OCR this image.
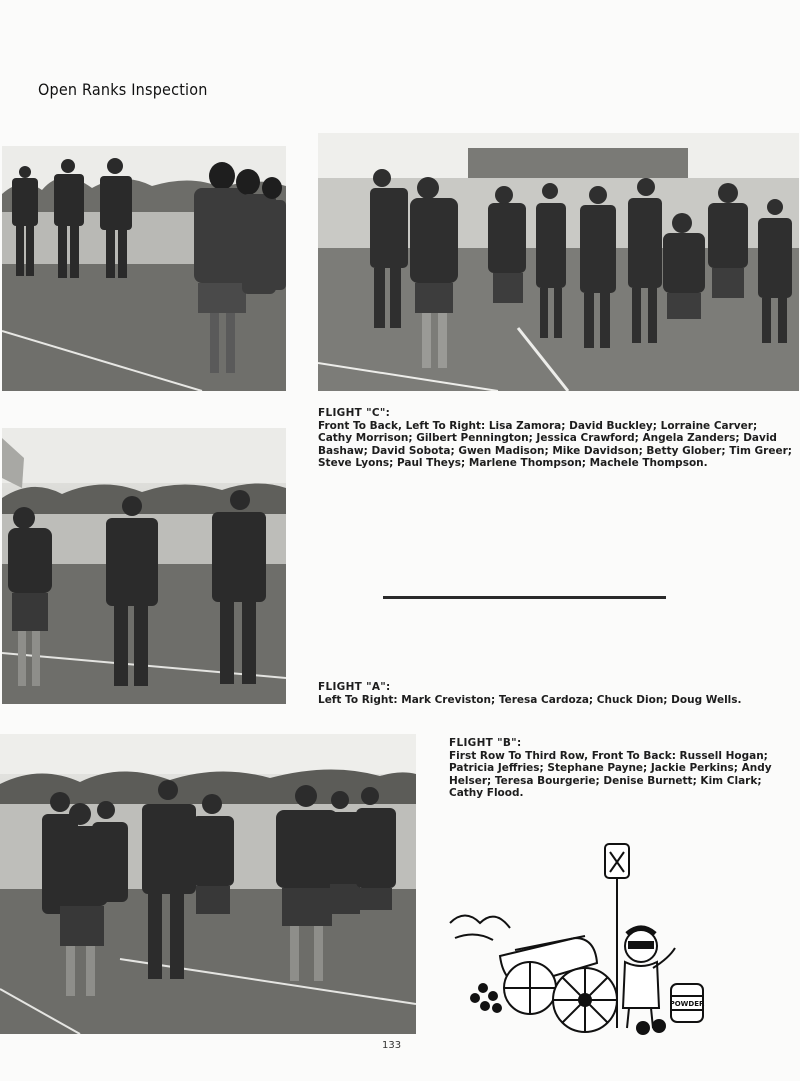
Open Ranks Inspection
FLIGHT "C":
Front To Back, Left To Right: Lisa Zamora; David Buckley; Lorraine Carver; Cathy Morrison; Gilbert Pennington; Jessica Crawford; Angela Zanders; David Bashaw; David Sobota; Gwen Madison; Mike Davidson; Betty Glober; Tim Greer; Steve Lyons; Paul Theys; Marlene Thompson; Machele Thompson.
FLIGHT "A":
Left To Right: Mark Creviston; Teresa Cardoza; Chuck Dion; Doug Wells.
FLIGHT "B":
First Row To Third Row, Front To Back: Russell Hogan; Patricia Jeffries; Stephane Payne; Jackie Perkins; Andy Helser; Teresa Bourgerie; Denise Burnett; Kim Clark; Cathy Flood.
POWDER
133
